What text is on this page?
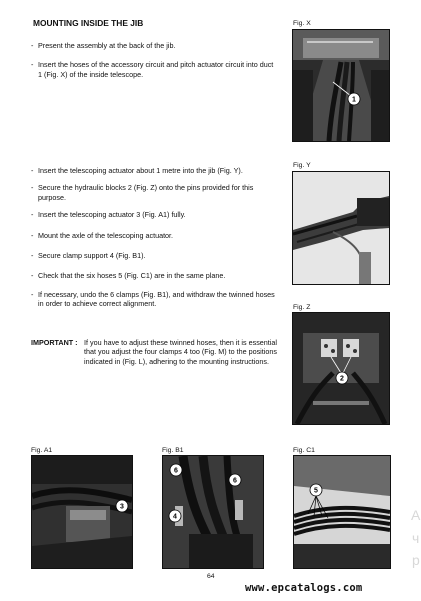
MOUNTING INSIDE THE JIB
- Present the assembly at the back of the jib.
- Insert the hoses of the accessory circuit and pitch actuator circuit into duct 1 (Fig. X) of the inside telescope.
- Insert the telescoping actuator about 1 metre into the jib (Fig. Y).
- Secure the hydraulic blocks 2 (Fig. Z) onto the pins provided for this purpose.
- Insert the telescoping actuator 3 (Fig. A1) fully.
- Mount the axle of the telescoping actuator.
- Secure clamp support 4 (Fig. B1).
- Check that the six hoses 5 (Fig. C1) are in the same plane.
- If necessary, undo the 6 clamps (Fig. B1), and withdraw the twinned hoses in order to achieve correct alignment.
IMPORTANT : If you have to adjust these twinned hoses, then it is essential that you adjust the four clamps 4 too (Fig. M) to the positions indicated in (Fig. L), adhering to the mounting instructions.
Fig. X
1
Fig. Y
Fig. Z
2
Fig. A1
3
Fig. B1
6
6
4
Fig. C1
5
A
ч
p
64
www.epcatalogs.com
